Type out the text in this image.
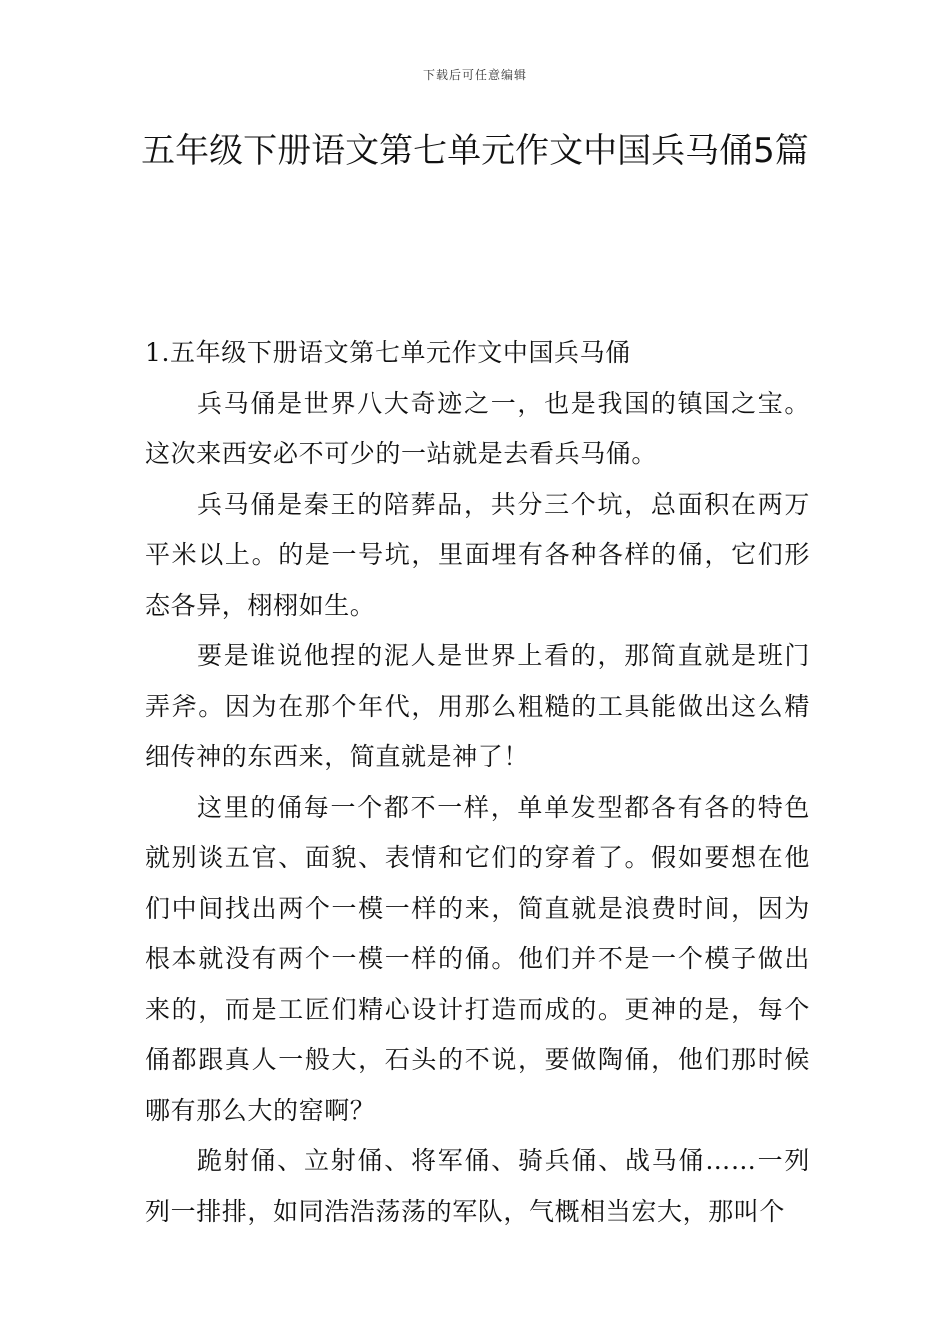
下载后可任意编辑
五年级下册语文第七单元作文中国兵马俑5篇

1.五年级下册语文第七单元作文中国兵马俑

兵马俑是世界八大奇迹之一，也是我国的镇国之宝。这次来西安必不可少的一站就是去看兵马俑。

兵马俑是秦王的陪葬品，共分三个坑，总面积在两万平米以上。的是一号坑，里面埋有各种各样的俑，它们形态各异，栩栩如生。

要是谁说他捏的泥人是世界上看的，那简直就是班门弄斧。因为在那个年代，用那么粗糙的工具能做出这么精细传神的东西来，简直就是神了！

这里的俑每一个都不一样，单单发型都各有各的特色就别谈五官、面貌、表情和它们的穿着了。假如要想在他们中间找出两个一模一样的来，简直就是浪费时间，因为根本就没有两个一模一样的俑。他们并不是一个模子做出来的，而是工匠们精心设计打造而成的。更神的是，每个俑都跟真人一般大，石头的不说，要做陶俑，他们那时候哪有那么大的窑啊？

跪射俑、立射俑、将军俑、骑兵俑、战马俑……一列列一排排，如同浩浩荡荡的军队，气概相当宏大，那叫个
